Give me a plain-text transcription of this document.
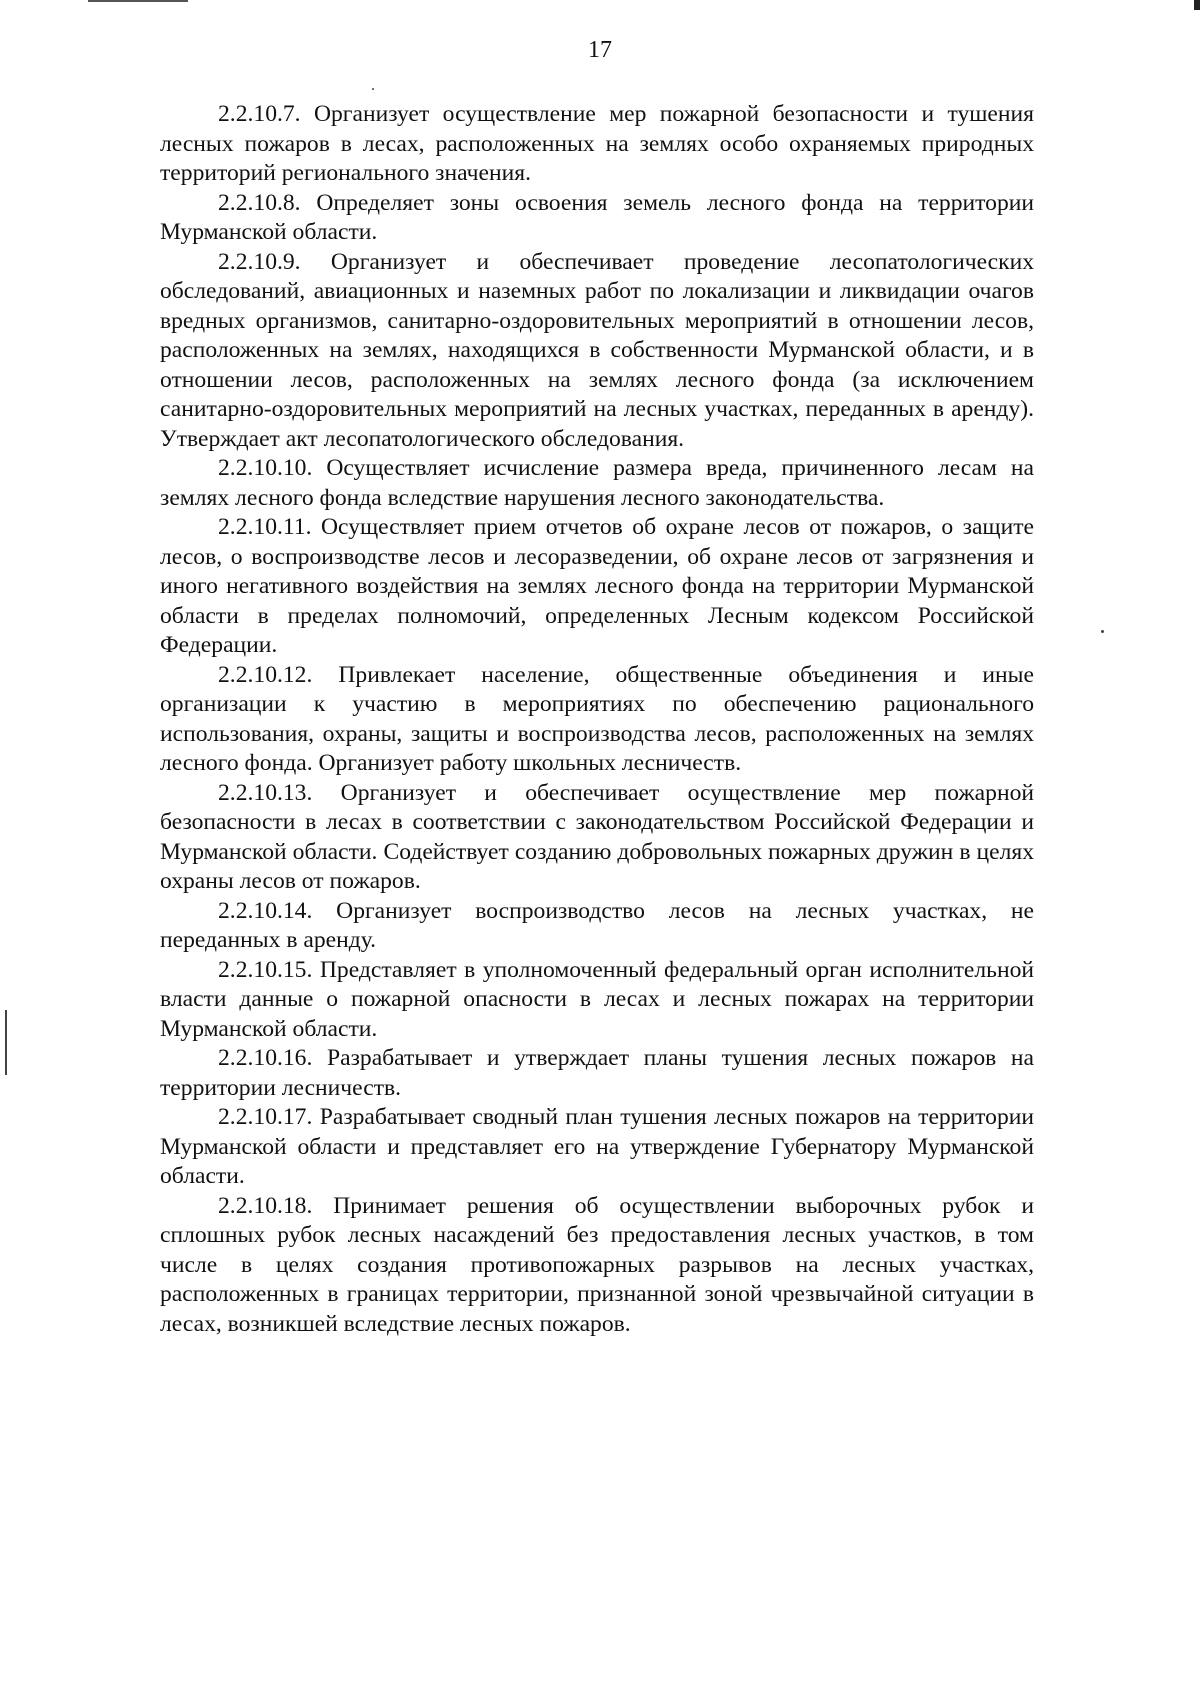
17

2.2.10.7. Организует осуществление мер пожарной безопасности и тушения лесных пожаров в лесах, расположенных на землях особо охраняемых природных территорий регионального значения.

2.2.10.8. Определяет зоны освоения земель лесного фонда на территории Мурманской области.

2.2.10.9. Организует и обеспечивает проведение лесопатологических обследований, авиационных и наземных работ по локализации и ликвидации очагов вредных организмов, санитарно-оздоровительных мероприятий в отношении лесов, расположенных на землях, находящихся в собственности Мурманской области, и в отношении лесов, расположенных на землях лесного фонда (за исключением санитарно-оздоровительных мероприятий на лесных участках, переданных в аренду). Утверждает акт лесопатологического обследования.

2.2.10.10. Осуществляет исчисление размера вреда, причиненного лесам на землях лесного фонда вследствие нарушения лесного законодательства.

2.2.10.11. Осуществляет прием отчетов об охране лесов от пожаров, о защите лесов, о воспроизводстве лесов и лесоразведении, об охране лесов от загрязнения и иного негативного воздействия на землях лесного фонда на территории Мурманской области в пределах полномочий, определенных Лесным кодексом Российской Федерации.

2.2.10.12. Привлекает население, общественные объединения и иные организации к участию в мероприятиях по обеспечению рационального использования, охраны, защиты и воспроизводства лесов, расположенных на землях лесного фонда. Организует работу школьных лесничеств.

2.2.10.13. Организует и обеспечивает осуществление мер пожарной безопасности в лесах в соответствии с законодательством Российской Федерации и Мурманской области. Содействует созданию добровольных пожарных дружин в целях охраны лесов от пожаров.

2.2.10.14. Организует воспроизводство лесов на лесных участках, не переданных в аренду.

2.2.10.15. Представляет в уполномоченный федеральный орган исполнительной власти данные о пожарной опасности в лесах и лесных пожарах на территории Мурманской области.

2.2.10.16. Разрабатывает и утверждает планы тушения лесных пожаров на территории лесничеств.

2.2.10.17. Разрабатывает сводный план тушения лесных пожаров на территории Мурманской области и представляет его на утверждение Губернатору Мурманской области.

2.2.10.18. Принимает решения об осуществлении выборочных рубок и сплошных рубок лесных насаждений без предоставления лесных участков, в том числе в целях создания противопожарных разрывов на лесных участках, расположенных в границах территории, признанной зоной чрезвычайной ситуации в лесах, возникшей вследствие лесных пожаров.
